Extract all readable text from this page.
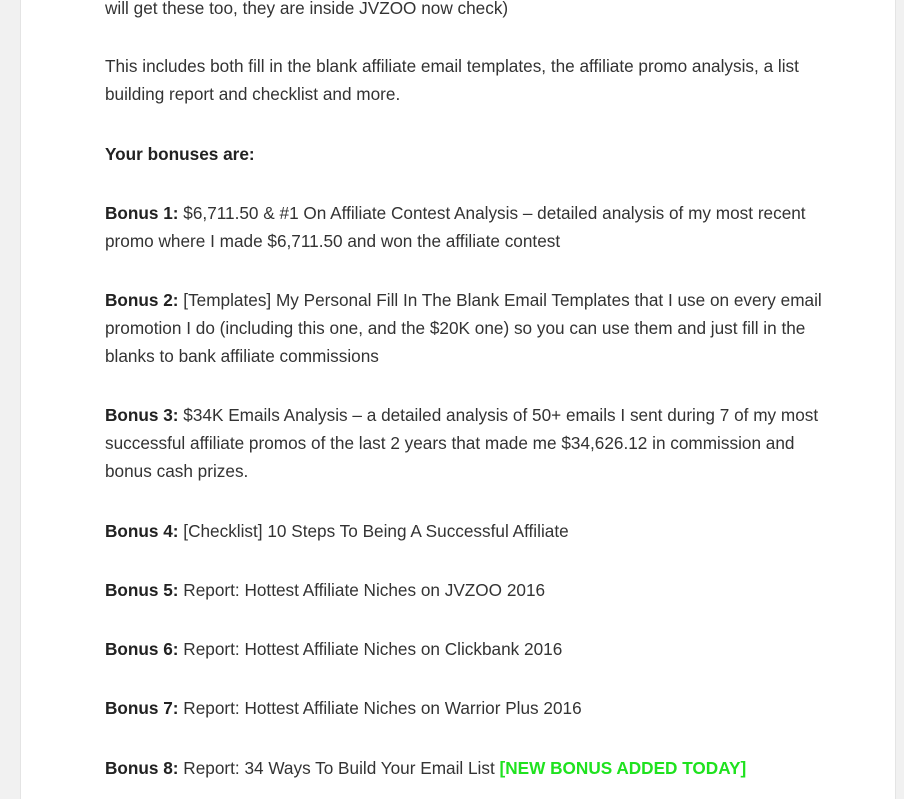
will get these too, they are inside JVZOO now check)

This includes both fill in the blank affiliate email templates, the affiliate promo analysis, a list building report and checklist and more.

Your bonuses are:

Bonus 1: $6,711.50 & #1 On Affiliate Contest Analysis – detailed analysis of my most recent promo where I made $6,711.50 and won the affiliate contest

Bonus 2: [Templates] My Personal Fill In The Blank Email Templates that I use on every email promotion I do (including this one, and the $20K one) so you can use them and just fill in the blanks to bank affiliate commissions

Bonus 3: $34K Emails Analysis – a detailed analysis of 50+ emails I sent during 7 of my most successful affiliate promos of the last 2 years that made me $34,626.12 in commission and bonus cash prizes.

Bonus 4: [Checklist] 10 Steps To Being A Successful Affiliate

Bonus 5: Report: Hottest Affiliate Niches on JVZOO 2016

Bonus 6: Report: Hottest Affiliate Niches on Clickbank 2016

Bonus 7: Report: Hottest Affiliate Niches on Warrior Plus 2016

Bonus 8: Report: 34 Ways To Build Your Email List [NEW BONUS ADDED TODAY]
